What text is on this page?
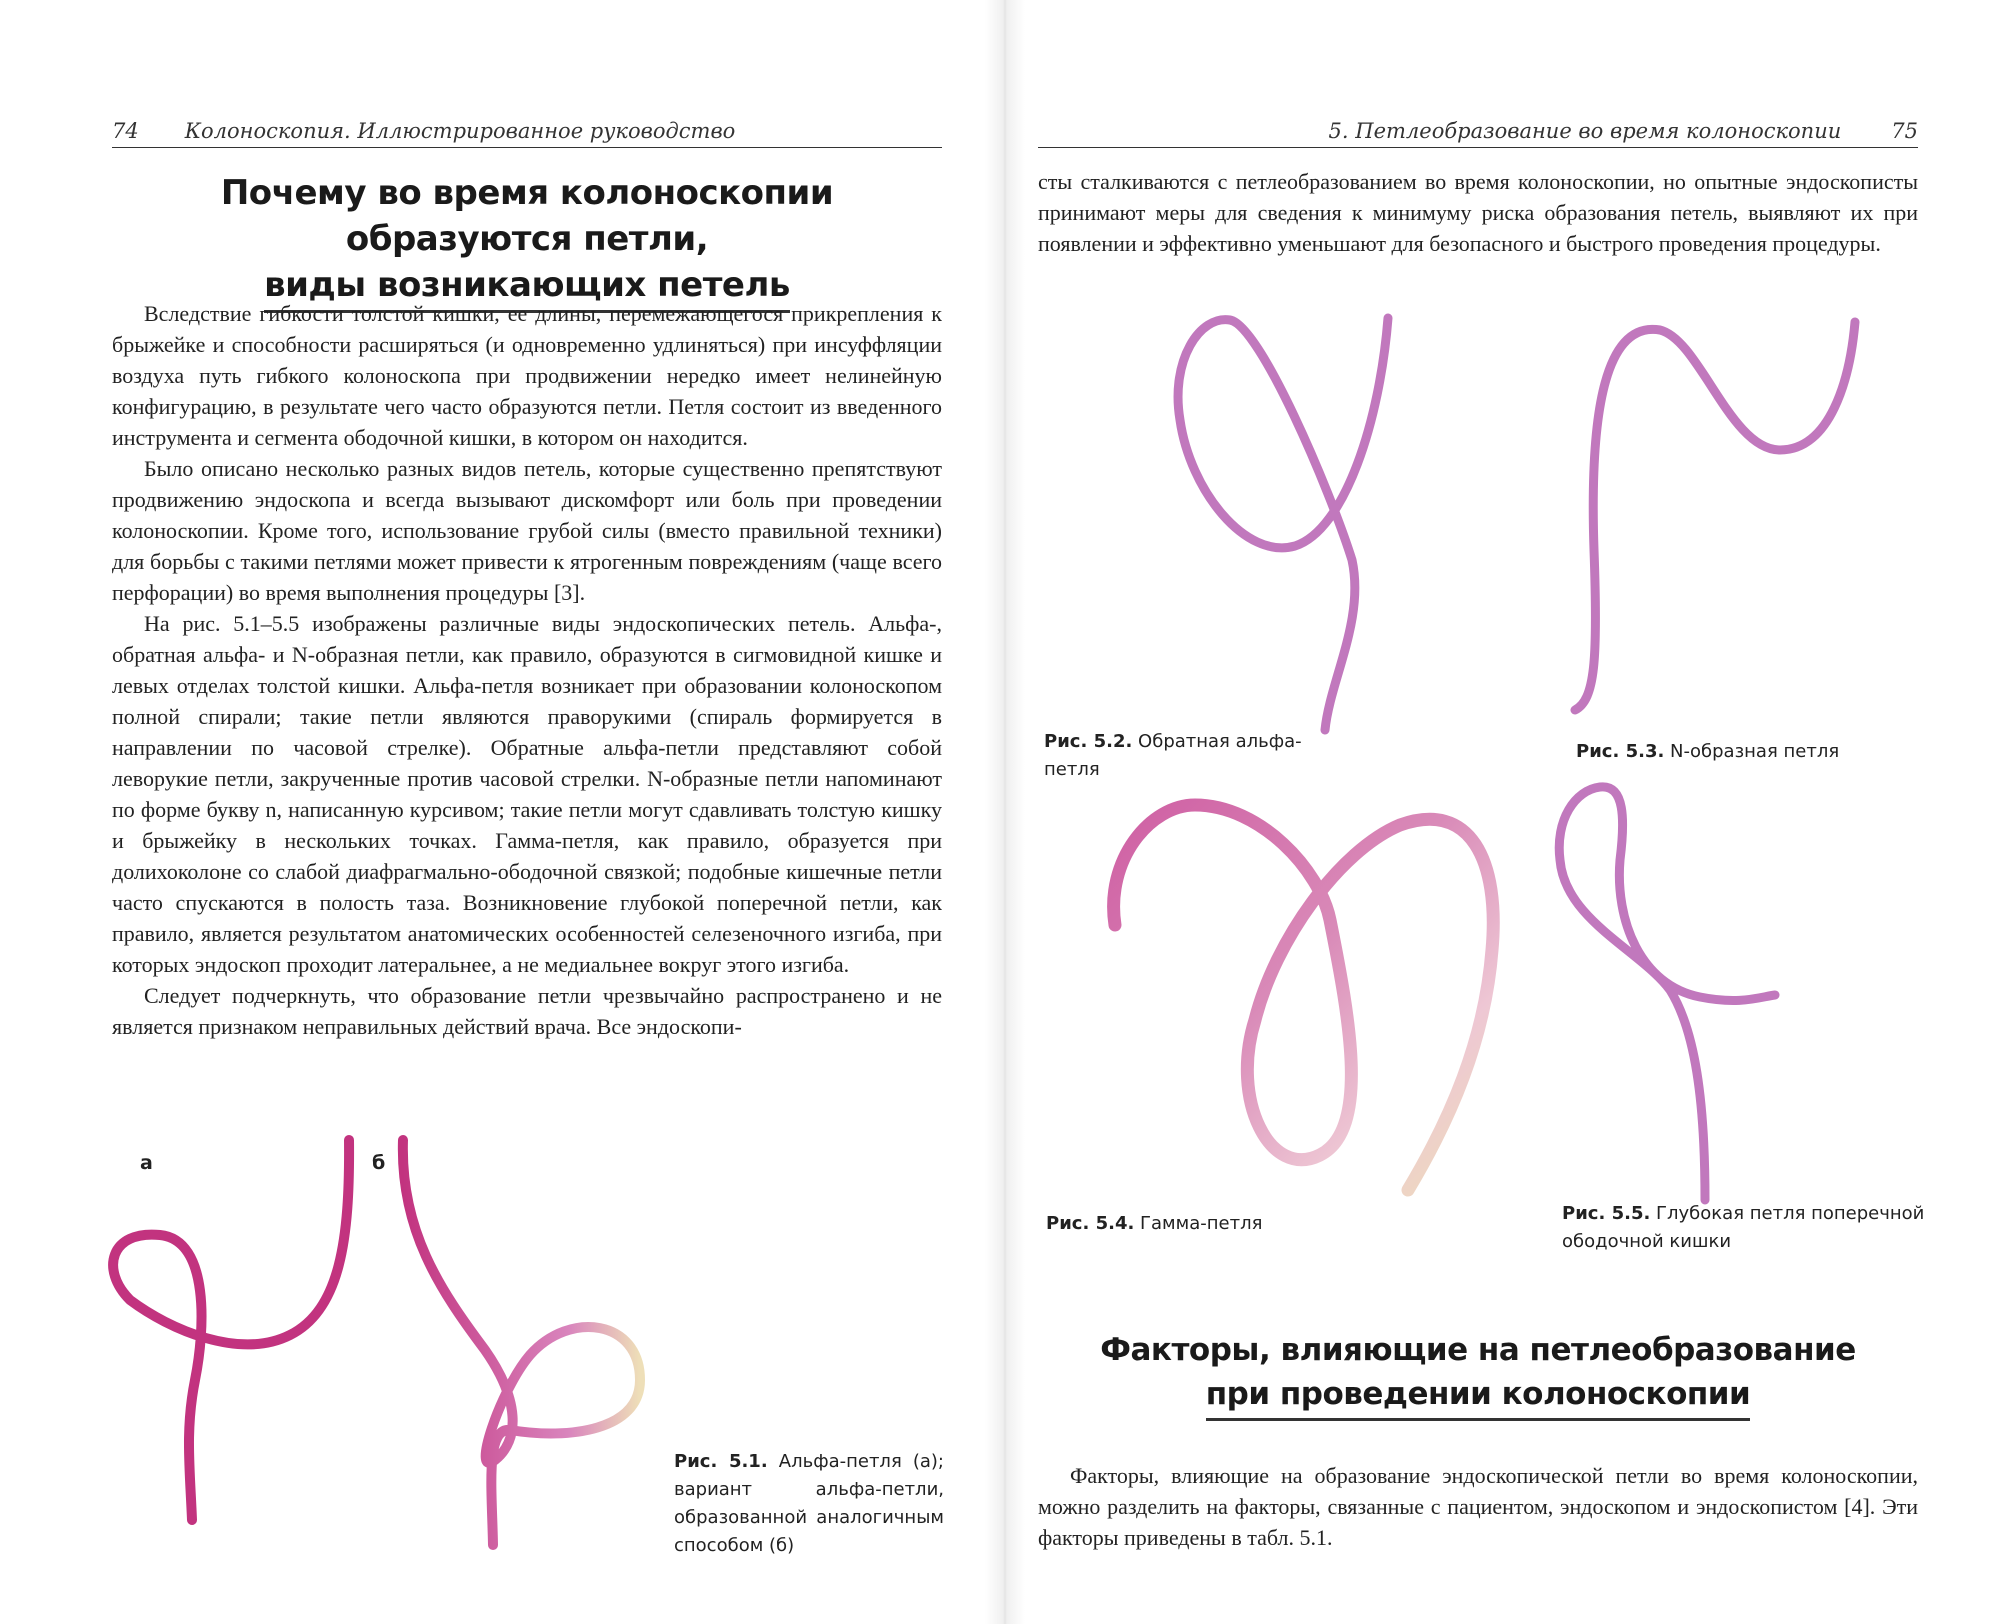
74 Колоноскопия. Иллюстрированное руководство
Почему во время колоноскопии образуются петли,
виды возникающих петель

Вследствие гибкости толстой кишки, ее длины, перемежающегося прикрепления к брыжейке и способности расширяться (и одновременно удлиняться) при инсуффляции воздуха путь гибкого колоноскопа при продвижении нередко имеет нелинейную конфигурацию, в результате чего часто образуются петли. Петля состоит из введенного инструмента и сегмента ободочной кишки, в котором он находится.

Было описано несколько разных видов петель, которые существенно препятствуют продвижению эндоскопа и всегда вызывают дискомфорт или боль при проведении колоноскопии. Кроме того, использование грубой силы (вместо правильной техники) для борьбы с такими петлями может привести к ятрогенным повреждениям (чаще всего перфорации) во время выполнения процедуры [3].

На рис. 5.1–5.5 изображены различные виды эндоскопических петель. Альфа-, обратная альфа- и N-образная петли, как правило, образуются в сигмовидной кишке и левых отделах толстой кишки. Альфа-петля возникает при образовании колоноскопом полной спирали; такие петли являются праворукими (спираль формируется в направлении по часовой стрелке). Обратные альфа-петли представляют собой леворукие петли, закрученные против часовой стрелки. N-образные петли напоминают по форме букву n, написанную курсивом; такие петли могут сдавливать толстую кишку и брыжейку в нескольких точках. Гамма-петля, как правило, образуется при долихоколоне со слабой диафрагмально-ободочной связкой; подобные кишечные петли часто спускаются в полость таза. Возникновение глубокой поперечной петли, как правило, является результатом анатомических особенностей селезеночного изгиба, при которых эндоскоп проходит латеральнее, а не медиальнее вокруг этого изгиба.

Следует подчеркнуть, что образование петли чрезвычайно распространено и не является признаком неправильных действий врача. Все эндоскопи-

а	б
Рис. 5.1. Альфа-петля (а); вариант альфа-петли, образованной аналогичным способом (б)
5. Петлеобразование во время колоноскопии 75

сты сталкиваются с петлеобразованием во время колоноскопии, но опытные эндоскописты принимают меры для сведения к минимуму риска образования петель, выявляют их при появлении и эффективно уменьшают для безопасного и быстрого проведения процедуры.

Рис. 5.2. Обратная альфа-петля
Рис. 5.3. N-образная петля
Рис. 5.4. Гамма-петля	Рис. 5.5. Глубокая петля поперечной ободочной кишки
Факторы, влияющие на петлеобразование
при проведении колоноскопии

Факторы, влияющие на образование эндоскопической петли во время колоноскопии, можно разделить на факторы, связанные с пациентом, эндоскопом и эндоскопистом [4]. Эти факторы приведены в табл. 5.1.
